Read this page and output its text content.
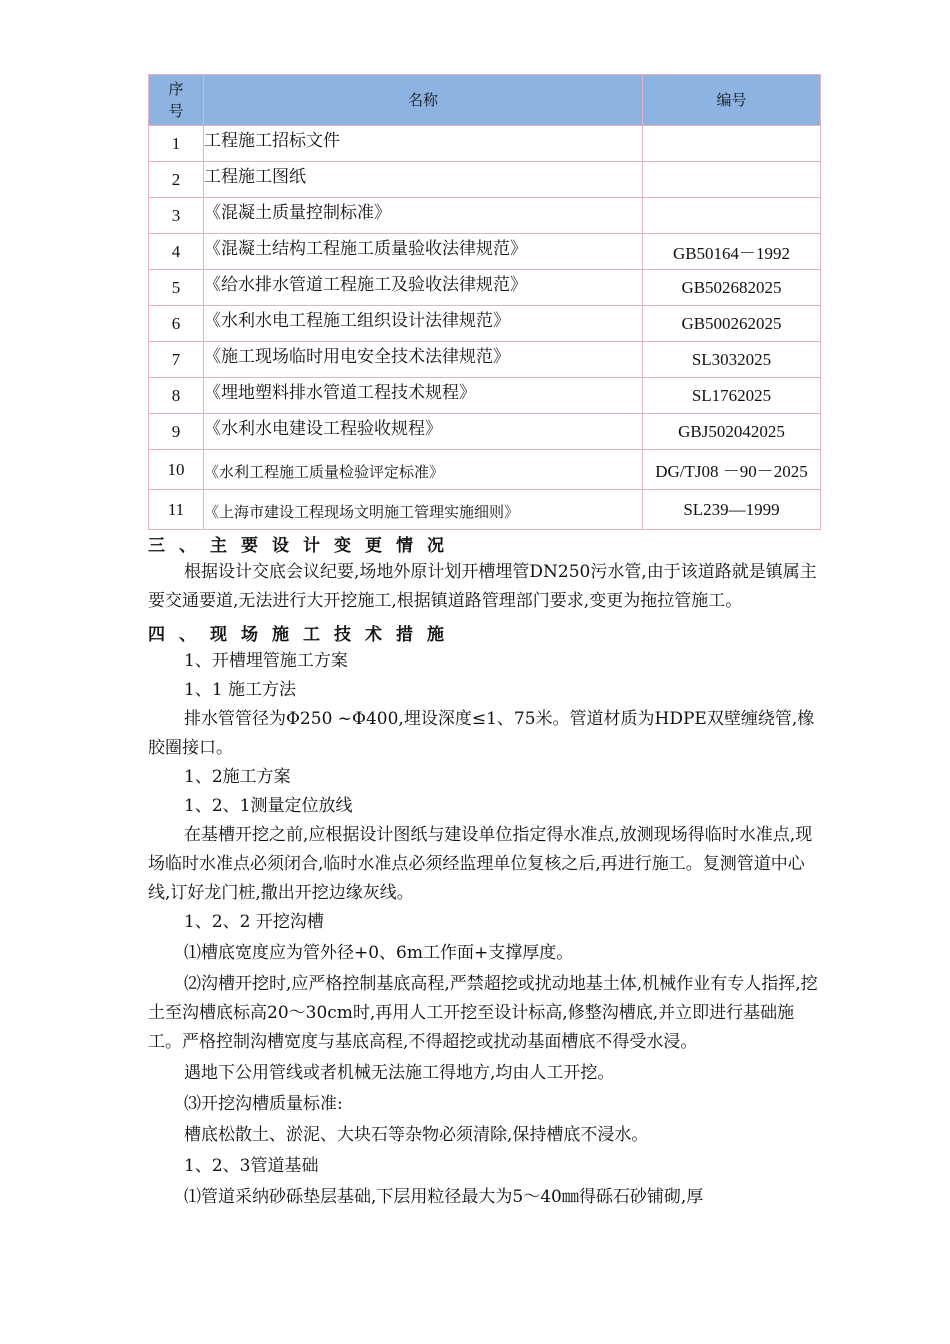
序号	名称	编号
1	工程施工招标文件	
2	工程施工图纸	
3	《混凝土质量控制标准》	
4	《混凝土结构工程施工质量验收法律规范》	GB50164－1992
5	《给水排水管道工程施工及验收法律规范》	GB502682025
6	《水利水电工程施工组织设计法律规范》	GB500262025
7	《施工现场临时用电安全技术法律规范》	SL3032025
8	《埋地塑料排水管道工程技术规程》	SL1762025
9	《水利水电建设工程验收规程》	GBJ502042025
10	《水利工程施工质量检验评定标准》	DG/TJ08 －90－2025
11	《上海市建设工程现场文明施工管理实施细则》	SL239—1999
三、主要设计变更情况

根据设计交底会议纪要,场地外原计划开槽埋管DN250污水管,由于该道路就是镇属主要交通要道,无法进行大开挖施工,根据镇道路管理部门要求,变更为拖拉管施工。

四、现场施工技术措施

1、开槽埋管施工方案

1、1 施工方法

排水管管径为Φ250 ~Φ400,埋设深度≤1、75米。管道材质为HDPE双壁缠绕管,橡胶圈接口。

1、2施工方案

1、2、1测量定位放线

在基槽开挖之前,应根据设计图纸与建设单位指定得水准点,放测现场得临时水准点,现场临时水准点必须闭合,临时水准点必须经监理单位复核之后,再进行施工。复测管道中心线,订好龙门桩,撒出开挖边缘灰线。

1、2、2 开挖沟槽

⑴槽底宽度应为管外径+0、6m工作面+支撑厚度。

⑵沟槽开挖时,应严格控制基底高程,严禁超挖或扰动地基土体,机械作业有专人指挥,挖土至沟槽底标高20～30cm时,再用人工开挖至设计标高,修整沟槽底,并立即进行基础施工。严格控制沟槽宽度与基底高程,不得超挖或扰动基面槽底不得受水浸。

遇地下公用管线或者机械无法施工得地方,均由人工开挖。

⑶开挖沟槽质量标准:

槽底松散土、淤泥、大块石等杂物必须清除,保持槽底不浸水。

1、2、3管道基础

⑴管道采纳砂砾垫层基础,下层用粒径最大为5～40㎜得砾石砂铺砌,厚
